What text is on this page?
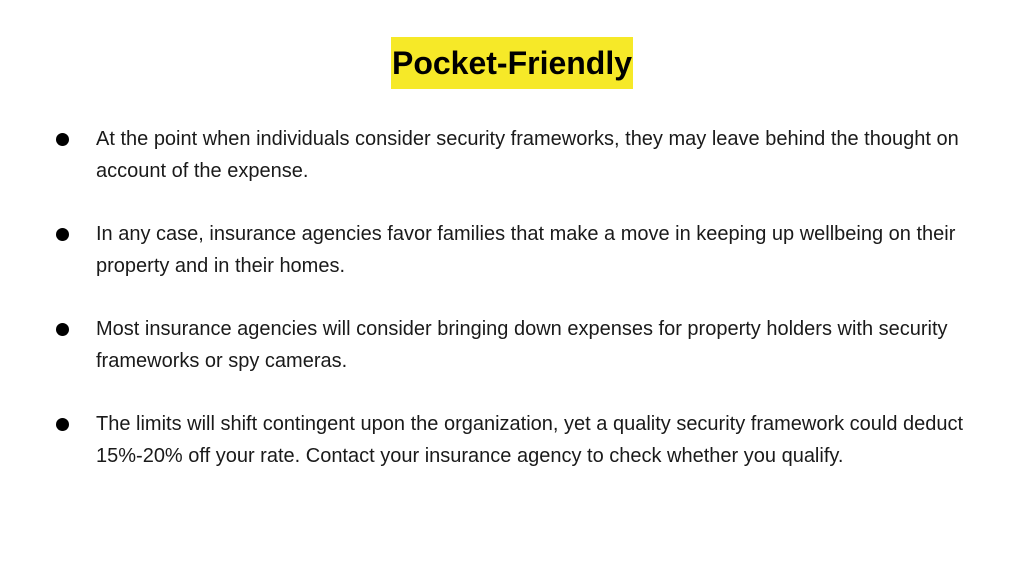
Pocket-Friendly
At the point when individuals consider security frameworks, they may leave behind the thought on account of the expense.
In any case, insurance agencies favor families that make a move in keeping up wellbeing on their property and in their homes.
Most insurance agencies will consider bringing down expenses for property holders with security frameworks or spy cameras.
The limits will shift contingent upon the organization, yet a quality security framework could deduct 15%-20% off your rate. Contact your insurance agency to check whether you qualify.
